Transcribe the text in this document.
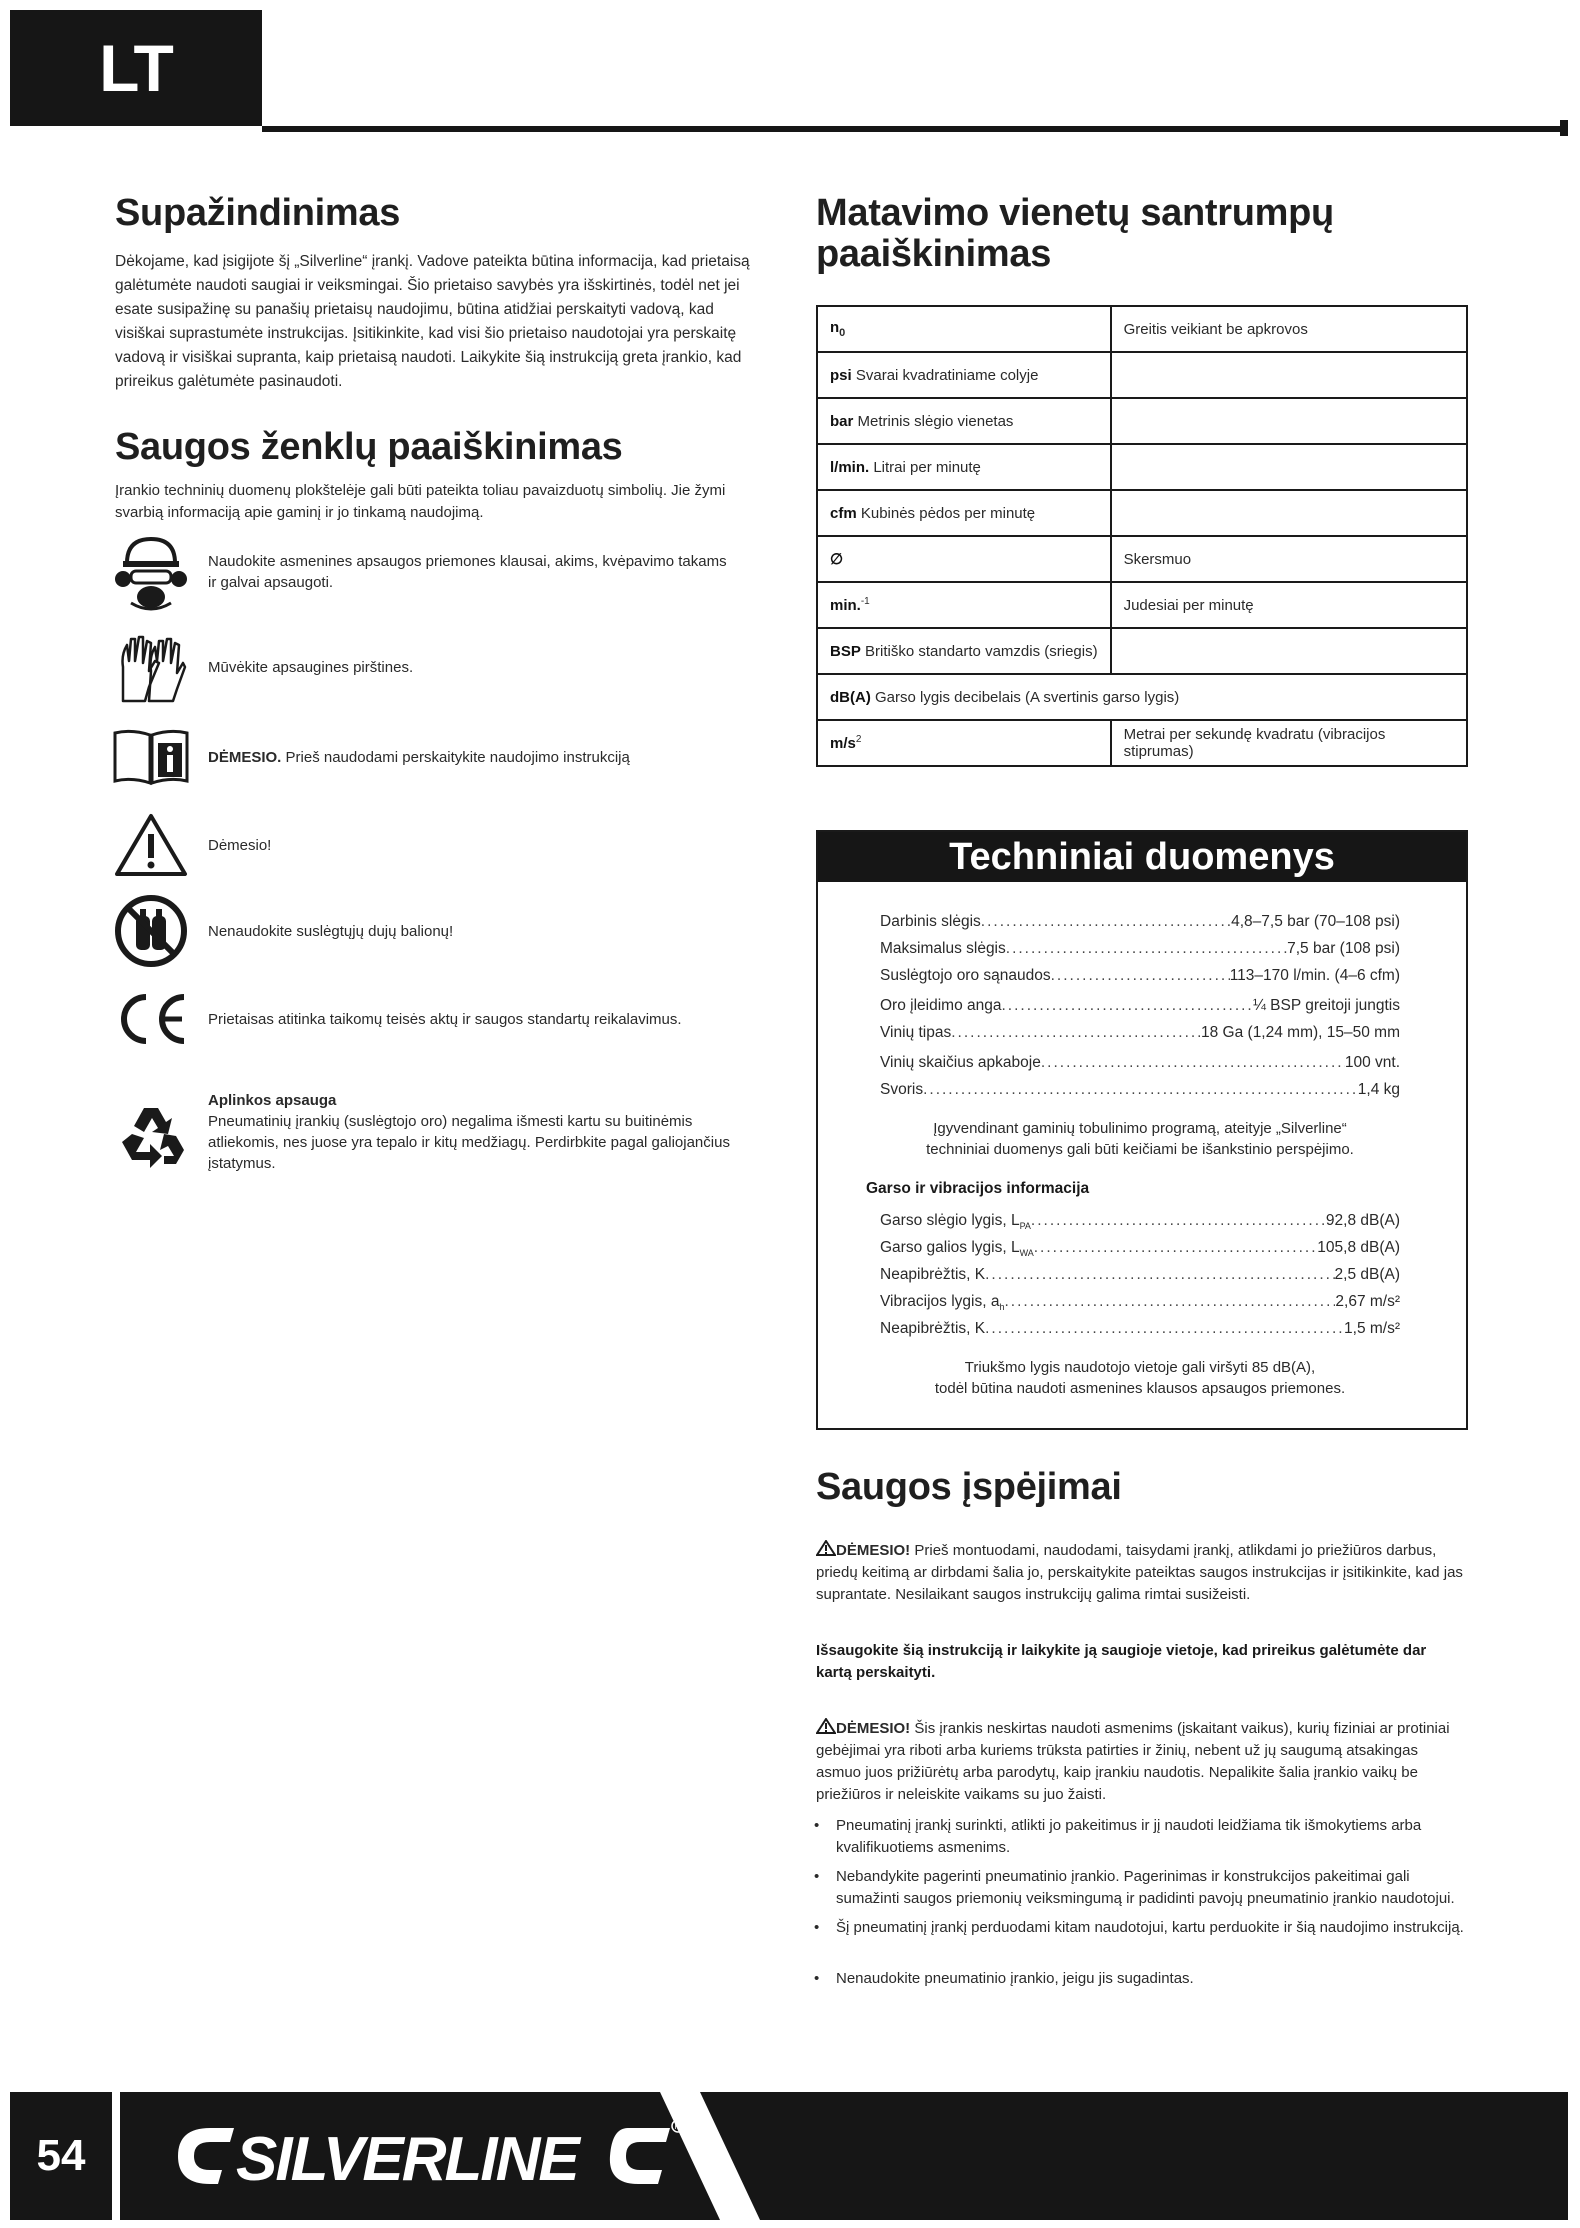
LT
Supažindinimas
Dėkojame, kad įsigijote šį „Silverline“ įrankį. Vadove pateikta būtina informacija, kad prietaisą galėtumėte naudoti saugiai ir veiksmingai. Šio prietaiso savybės yra išskirtinės, todėl net jei esate susipažinę su panašių prietaisų naudojimu, būtina atidžiai perskaityti vadovą, kad visiškai suprastumėte instrukcijas. Įsitikinkite, kad visi šio prietaiso naudotojai yra perskaitę vadovą ir visiškai supranta, kaip prietaisą naudoti. Laikykite šią instrukciją greta įrankio, kad prireikus galėtumėte pasinaudoti.
Saugos ženklų paaiškinimas
Įrankio techninių duomenų plokštelėje gali būti pateikta toliau pavaizduotų simbolių. Jie žymi svarbią informaciją apie gaminį ir jo tinkamą naudojimą.
Naudokite asmenines apsaugos priemones klausai, akims, kvėpavimo takams ir galvai apsaugoti.
Mūvėkite apsaugines pirštines.
DĖMESIO. Prieš naudodami perskaitykite naudojimo instrukciją
Dėmesio!
Nenaudokite suslėgtųjų dujų balionų!
Prietaisas atitinka taikomų teisės aktų ir saugos standartų reikalavimus.
Aplinkos apsauga
Pneumatinių įrankių (suslėgtojo oro) negalima išmesti kartu su buitinėmis atliekomis, nes juose yra tepalo ir kitų medžiagų. Perdirbkite pagal galiojančius įstatymus.
Matavimo vienetų santrumpų
paaiškinimas
$n_0$	Greitis veikiant be apkrovos
psi Svarai kvadratiniame colyje	
bar Metrinis slėgio vienetas	
l/min. Litrai per minutę	
cfm Kubinės pėdos per minutę	
∅	Skersmuo
min.$^{-1}$	Judesiai per minutę
BSP Britiško standarto vamzdis (sriegis)	
dB(A) Garso lygis decibelais (A svertinis garso lygis)	
$m/s^2$	Metrai per sekundę kvadratu (vibracijos stiprumas)
Techniniai duomenys
Darbinis slėgis .....	4,8–7,5 bar (70–108 psi)
Maksimalus slėgis .....	7,5 bar (108 psi)
Suslėgtojo oro sąnaudos .....	113–170 l/min. (4–6 cfm)
Oro įleidimo anga .....	¼ BSP greitoji jungtis
Vinių tipas .....	18 Ga (1,24 mm), 15–50 mm
Vinių skaičius apkaboje .....	100 vnt.
Svoris .....	1,4 kg
Įgyvendinant gaminių tobulinimo programą, ateityje „Silverline“
techniniai duomenys gali būti keičiami be išankstinio perspėjimo.
Garso ir vibracijos informacija
Garso slėgio lygis, $L_{PA}$ .....	92,8 dB(A)
Garso galios lygis, $L_{WA}$ .....	105,8 dB(A)
Neapibrėžtis, K .....	2,5 dB(A)
Vibracijos lygis, $a_h$ .....	2,67 m/s²
Neapibrėžtis, K .....	1,5 m/s²
Triukšmo lygis naudotojo vietoje gali viršyti 85 dB(A),
todėl būtina naudoti asmenines klausos apsaugos priemones.
Saugos įspėjimai
DĖMESIO! Prieš montuodami, naudodami, taisydami įrankį, atlikdami jo priežiūros darbus, priedų keitimą ar dirbdami šalia jo, perskaitykite pateiktas saugos instrukcijas ir įsitikinkite, kad jas suprantate. Nesilaikant saugos instrukcijų galima rimtai susižeisti.
Išsaugokite šią instrukciją ir laikykite ją saugioje vietoje, kad prireikus galėtumėte dar kartą perskaityti.
DĖMESIO! Šis įrankis neskirtas naudoti asmenims (įskaitant vaikus), kurių fiziniai ar protiniai gebėjimai yra riboti arba kuriems trūksta patirties ir žinių, nebent už jų saugumą atsakingas asmuo juos prižiūrėtų arba parodytų, kaip įrankiu naudotis. Nepalikite šalia įrankio vaikų be priežiūros ir neleiskite vaikams su juo žaisti.
• Pneumatinį įrankį surinkti, atlikti jo pakeitimus ir jį naudoti leidžiama tik išmokytiems arba kvalifikuotiems asmenims.
• Nebandykite pagerinti pneumatinio įrankio. Pagerinimas ir konstrukcijos pakeitimai gali sumažinti saugos priemonių veiksmingumą ir padidinti pavojų pneumatinio įrankio naudotojui.
• Šį pneumatinį įrankį perduodami kitam naudotojui, kartu perduokite ir šią naudojimo instrukciją.
• Nenaudokite pneumatinio įrankio, jeigu jis sugadintas.
54	SILVERLINE	R
